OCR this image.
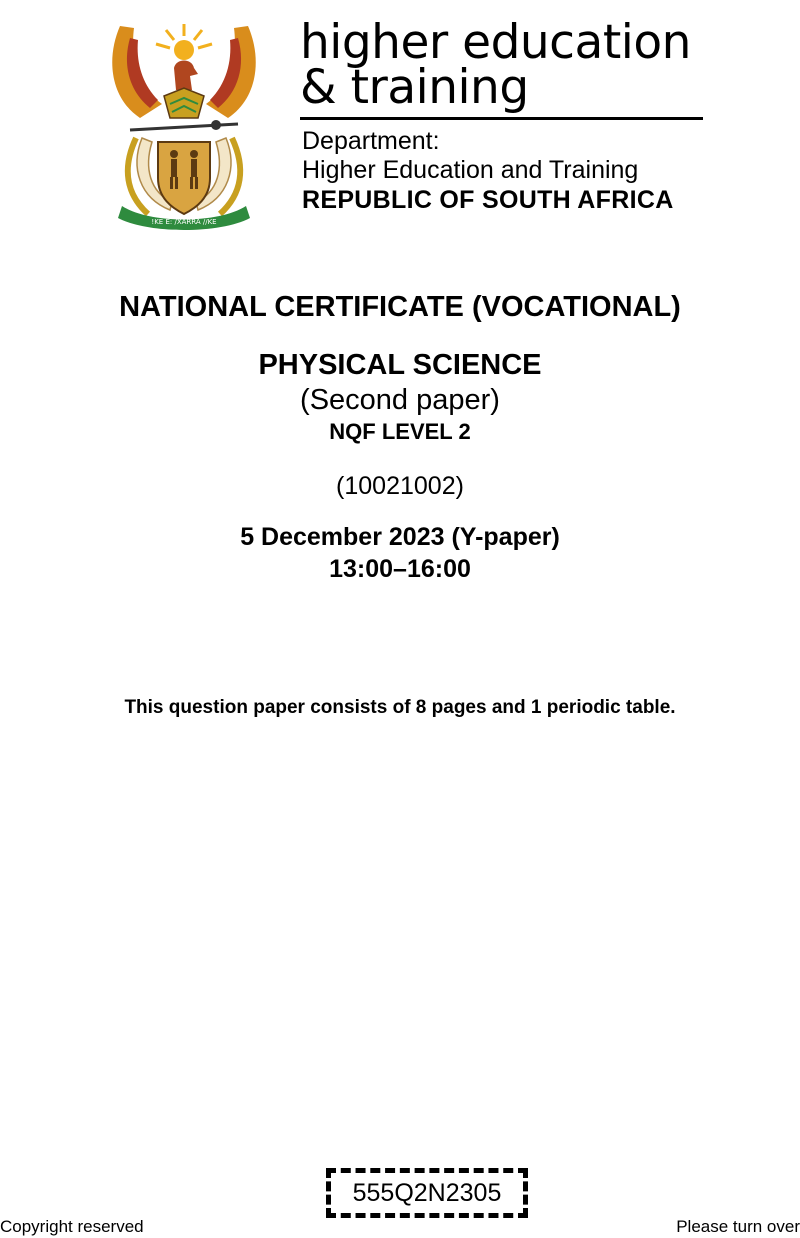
!KE E: /XARRA //KE
higher education
& training
Department:
Higher Education and Training
REPUBLIC OF SOUTH AFRICA
NATIONAL CERTIFICATE (VOCATIONAL)
PHYSICAL SCIENCE
(Second paper)
NQF LEVEL 2
(10021002)
5 December 2023 (Y-paper)
13:00–16:00
This question paper consists of 8 pages and 1 periodic table.
555Q2N2305
Copyright reserved	Please turn over
